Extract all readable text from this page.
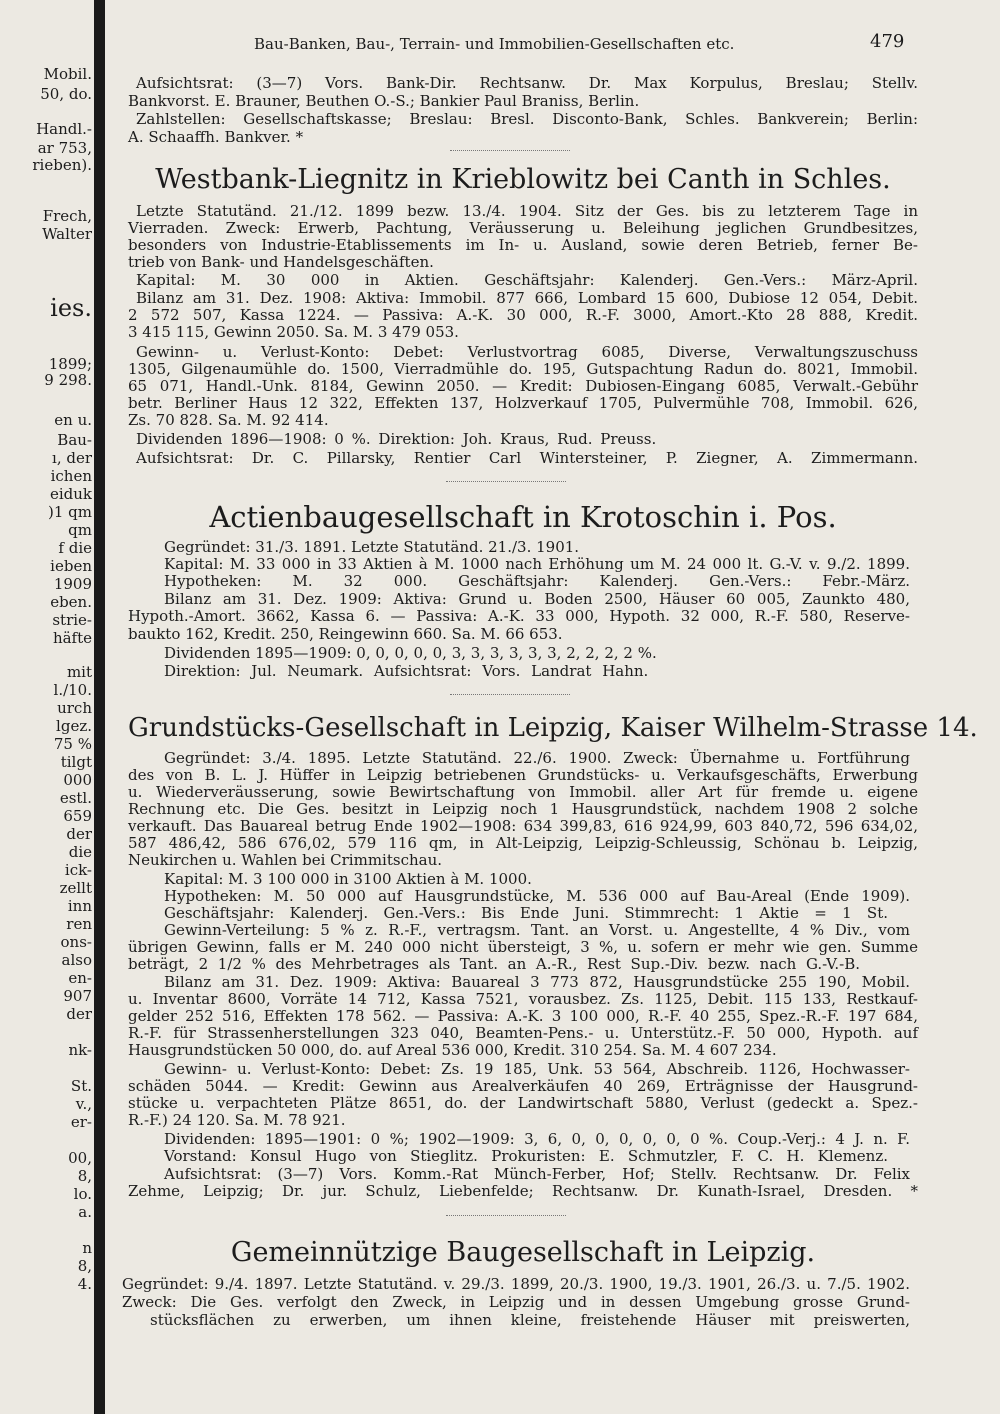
Mobil.
50, do.
Handl.-
ar 753,
rieben).
Frech,
Walter
ies.
1899;
9 298.
en u.
Bau-
ı, der
ichen
eiduk
)1 qm
qm
f die
ieben
1909
eben.
strie-
häfte
mit
l./10.
urch
lgez.
75 %
tilgt
000
estl.
659
der
die
ick-
zellt
inn
ren
ons-
also
en-
907
der
nk-
St.
v.,
er-
00,
8,
lo.
a.
n
8,
4.
Bau-Banken, Bau-, Terrain- und Immobilien-Gesellschaften etc.	479
Aufsichtsrat: (3—7) Vors. Bank-Dir. Rechtsanw. Dr. Max Korpulus, Breslau; Stellv.
Bankvorst. E. Brauner, Beuthen O.-S.; Bankier Paul Braniss, Berlin.
Zahlstellen: Gesellschaftskasse; Breslau: Bresl. Disconto-Bank, Schles. Bankverein; Berlin:
A. Schaaffh. Bankver. *
Westbank-Liegnitz in Krieblowitz bei Canth in Schles.
Letzte Statutänd. 21./12. 1899 bezw. 13./4. 1904. Sitz der Ges. bis zu letzterem Tage in
Vierraden. Zweck: Erwerb, Pachtung, Veräusserung u. Beleihung jeglichen Grundbesitzes,
besonders von Industrie-Etablissements im In- u. Ausland, sowie deren Betrieb, ferner Be-
trieb von Bank- und Handelsgeschäften.
Kapital: M. 30 000 in Aktien. Geschäftsjahr: Kalenderj. Gen.-Vers.: März-April.
Bilanz am 31. Dez. 1908: Aktiva: Immobil. 877 666, Lombard 15 600, Dubiose 12 054, Debit.
2 572 507, Kassa 1224. — Passiva: A.-K. 30 000, R.-F. 3000, Amort.-Kto 28 888, Kredit.
3 415 115, Gewinn 2050. Sa. M. 3 479 053.
Gewinn- u. Verlust-Konto: Debet: Verlustvortrag 6085, Diverse, Verwaltungszuschuss
1305, Gilgenaumühle do. 1500, Vierradmühle do. 195, Gutspachtung Radun do. 8021, Immobil.
65 071, Handl.-Unk. 8184, Gewinn 2050. — Kredit: Dubiosen-Eingang 6085, Verwalt.-Gebühr
betr. Berliner Haus 12 322, Effekten 137, Holzverkauf 1705, Pulvermühle 708, Immobil. 626,
Zs. 70 828. Sa. M. 92 414.
Dividenden 1896—1908: 0 %. Direktion: Joh. Kraus, Rud. Preuss.
Aufsichtsrat: Dr. C. Pillarsky, Rentier Carl Wintersteiner, P. Ziegner, A. Zimmermann.
Actienbaugesellschaft in Krotoschin i. Pos.
Gegründet: 31./3. 1891. Letzte Statutänd. 21./3. 1901.
Kapital: M. 33 000 in 33 Aktien à M. 1000 nach Erhöhung um M. 24 000 lt. G.-V. v. 9./2. 1899.
Hypotheken: M. 32 000. Geschäftsjahr: Kalenderj. Gen.-Vers.: Febr.-März.
Bilanz am 31. Dez. 1909: Aktiva: Grund u. Boden 2500, Häuser 60 005, Zaunkto 480,
Hypoth.-Amort. 3662, Kassa 6. — Passiva: A.-K. 33 000, Hypoth. 32 000, R.-F. 580, Reserve-
baukto 162, Kredit. 250, Reingewinn 660. Sa. M. 66 653.
Dividenden 1895—1909: 0, 0, 0, 0, 0, 3, 3, 3, 3, 3, 3, 2, 2, 2, 2 %.
Direktion: Jul. Neumark. Aufsichtsrat: Vors. Landrat Hahn.
Grundstücks-Gesellschaft in Leipzig, Kaiser Wilhelm-Strasse 14.
Gegründet: 3./4. 1895. Letzte Statutänd. 22./6. 1900. Zweck: Übernahme u. Fortführung
des von B. L. J. Hüffer in Leipzig betriebenen Grundstücks- u. Verkaufsgeschäfts, Erwerbung
u. Wiederveräusserung, sowie Bewirtschaftung von Immobil. aller Art für fremde u. eigene
Rechnung etc. Die Ges. besitzt in Leipzig noch 1 Hausgrundstück, nachdem 1908 2 solche
verkauft. Das Bauareal betrug Ende 1902—1908: 634 399,83, 616 924,99, 603 840,72, 596 634,02,
587 486,42, 586 676,02, 579 116 qm, in Alt-Leipzig, Leipzig-Schleussig, Schönau b. Leipzig,
Neukirchen u. Wahlen bei Crimmitschau.
Kapital: M. 3 100 000 in 3100 Aktien à M. 1000.
Hypotheken: M. 50 000 auf Hausgrundstücke, M. 536 000 auf Bau-Areal (Ende 1909).
Geschäftsjahr: Kalenderj. Gen.-Vers.: Bis Ende Juni. Stimmrecht: 1 Aktie = 1 St.
Gewinn-Verteilung: 5 % z. R.-F., vertragsm. Tant. an Vorst. u. Angestellte, 4 % Div., vom
übrigen Gewinn, falls er M. 240 000 nicht übersteigt, 3 %, u. sofern er mehr wie gen. Summe
beträgt, 2 1/2 % des Mehrbetrages als Tant. an A.-R., Rest Sup.-Div. bezw. nach G.-V.-B.
Bilanz am 31. Dez. 1909: Aktiva: Bauareal 3 773 872, Hausgrundstücke 255 190, Mobil.
u. Inventar 8600, Vorräte 14 712, Kassa 7521, vorausbez. Zs. 1125, Debit. 115 133, Restkauf-
gelder 252 516, Effekten 178 562. — Passiva: A.-K. 3 100 000, R.-F. 40 255, Spez.-R.-F. 197 684,
R.-F. für Strassenherstellungen 323 040, Beamten-Pens.- u. Unterstütz.-F. 50 000, Hypoth. auf
Hausgrundstücken 50 000, do. auf Areal 536 000, Kredit. 310 254. Sa. M. 4 607 234.
Gewinn- u. Verlust-Konto: Debet: Zs. 19 185, Unk. 53 564, Abschreib. 1126, Hochwasser-
schäden 5044. — Kredit: Gewinn aus Arealverkäufen 40 269, Erträgnisse der Hausgrund-
stücke u. verpachteten Plätze 8651, do. der Landwirtschaft 5880, Verlust (gedeckt a. Spez.-
R.-F.) 24 120. Sa. M. 78 921.
Dividenden: 1895—1901: 0 %; 1902—1909: 3, 6, 0, 0, 0, 0, 0, 0 %. Coup.-Verj.: 4 J. n. F.
Vorstand: Konsul Hugo von Stieglitz. Prokuristen: E. Schmutzler, F. C. H. Klemenz.
Aufsichtsrat: (3—7) Vors. Komm.-Rat Münch-Ferber, Hof; Stellv. Rechtsanw. Dr. Felix
Zehme, Leipzig; Dr. jur. Schulz, Liebenfelde; Rechtsanw. Dr. Kunath-Israel, Dresden. *
Gemeinnützige Baugesellschaft in Leipzig.
Gegründet: 9./4. 1897. Letzte Statutänd. v. 29./3. 1899, 20./3. 1900, 19./3. 1901, 26./3. u. 7./5. 1902.
Zweck: Die Ges. verfolgt den Zweck, in Leipzig und in dessen Umgebung grosse Grund-
stücksflächen zu erwerben, um ihnen kleine, freistehende Häuser mit preiswerten,
